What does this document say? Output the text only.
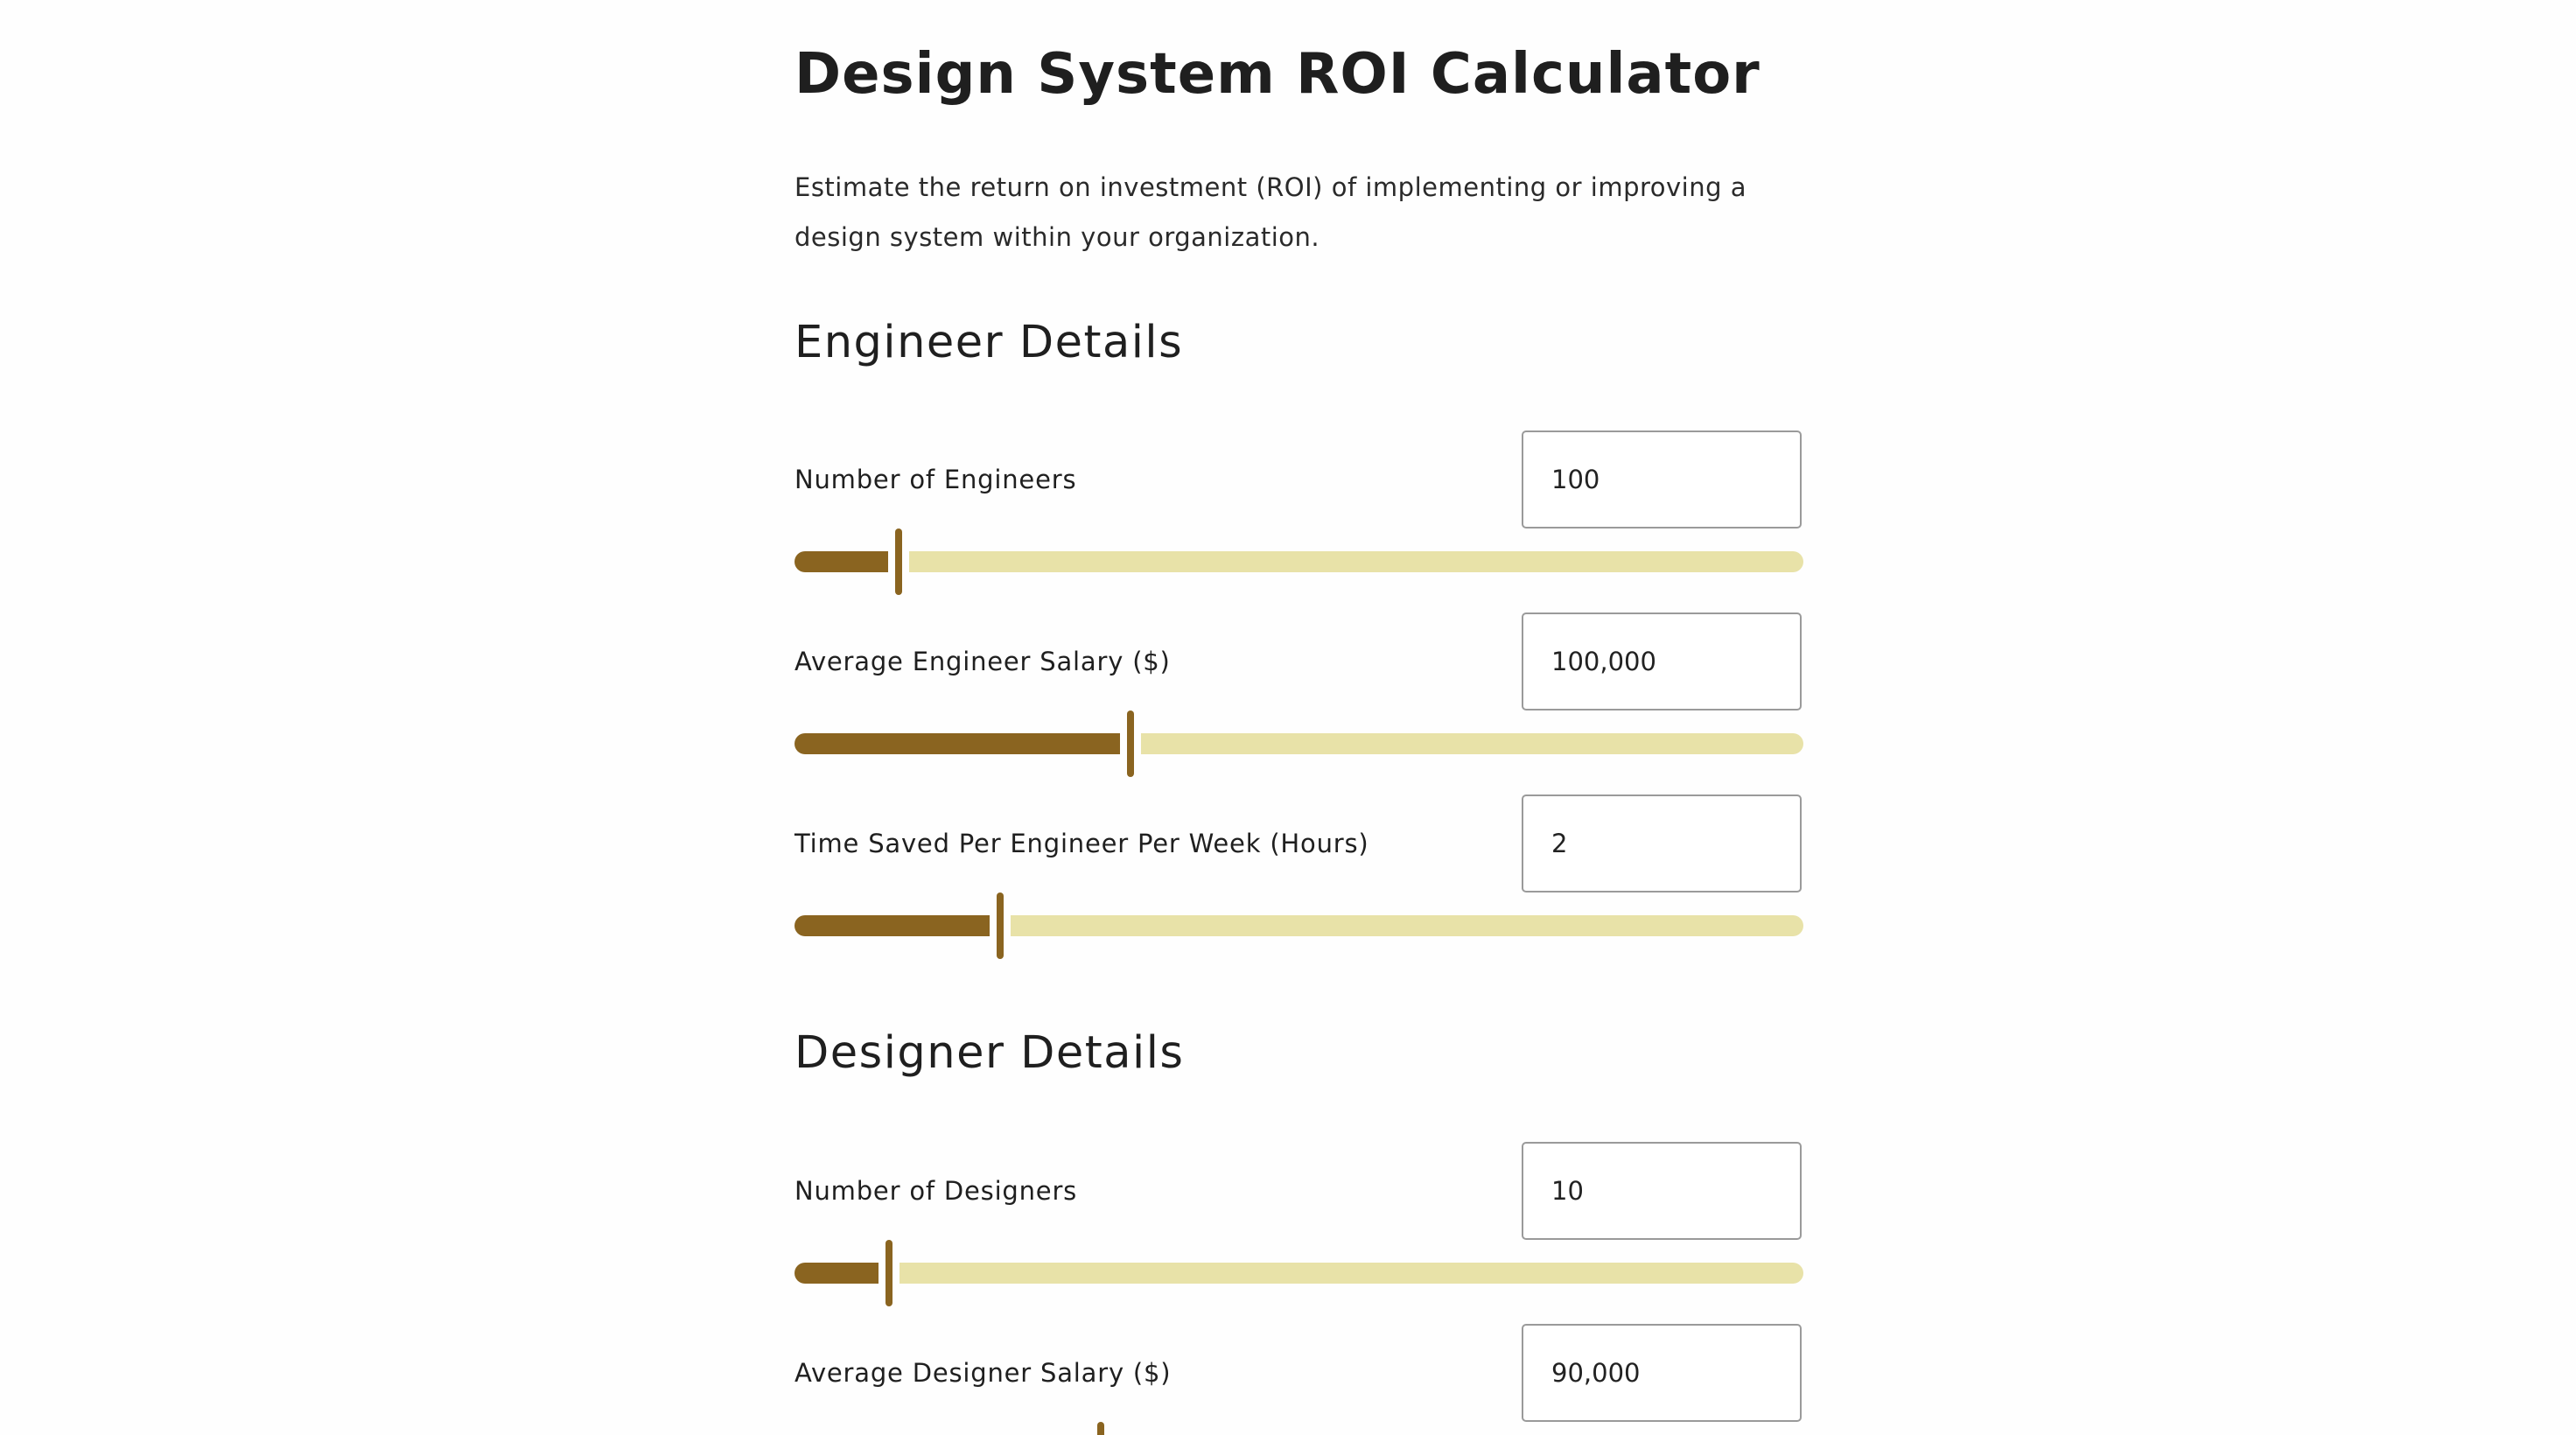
Design System ROI Calculator

Estimate the return on investment (ROI) of implementing or improving a design system within your organization.

Engineer Details
Number of Engineers
100
Average Engineer Salary ($)
100,000
Time Saved Per Engineer Per Week (Hours)
2
Designer Details
Number of Designers
10
Average Designer Salary ($)
90,000
